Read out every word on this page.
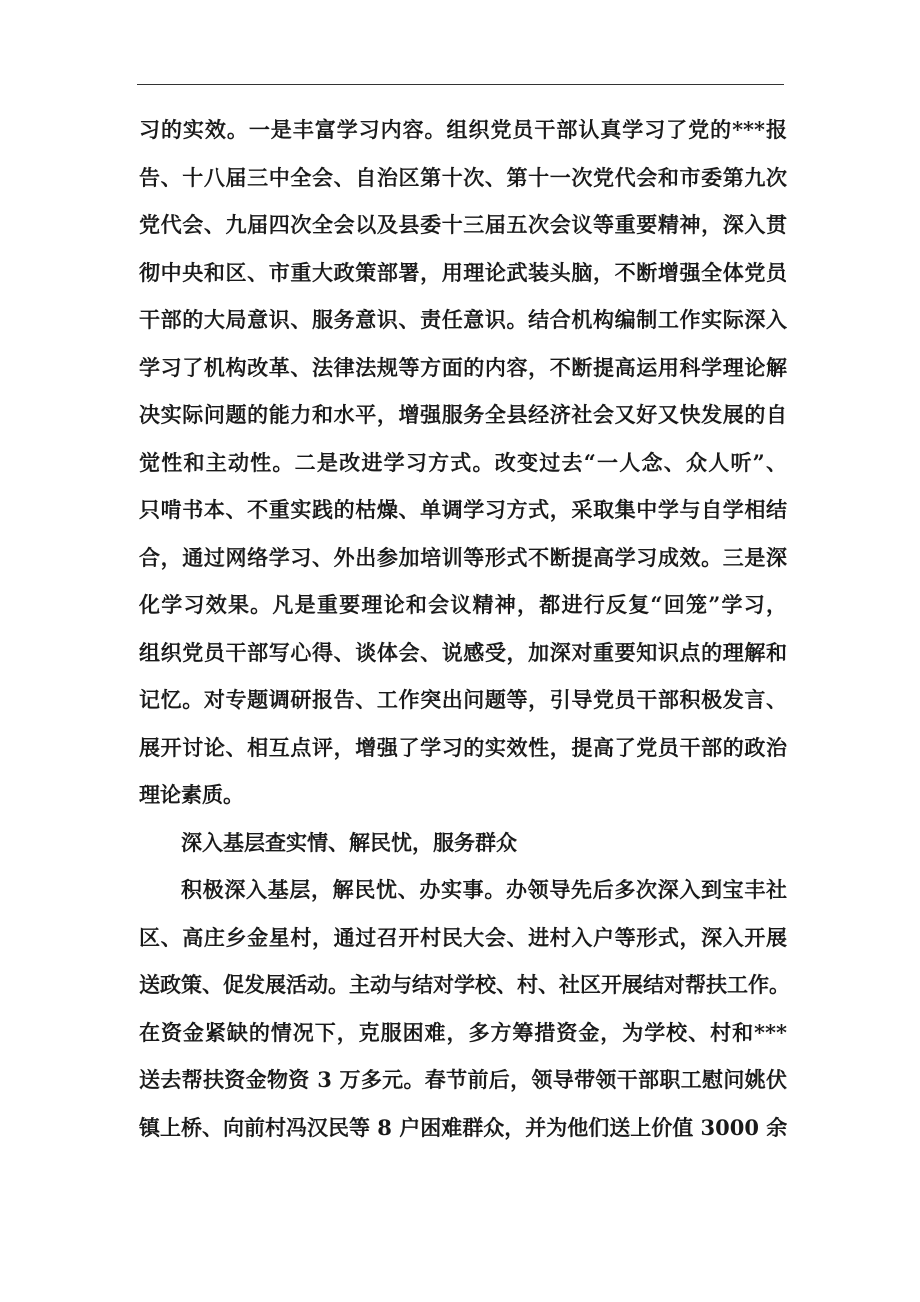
习的实效。一是丰富学习内容。组织党员干部认真学习了党的***报
告、十八届三中全会、自治区第十次、第十一次党代会和市委第九次
党代会、九届四次全会以及县委十三届五次会议等重要精神，深入贯
彻中央和区、市重大政策部署，用理论武装头脑，不断增强全体党员
干部的大局意识、服务意识、责任意识。结合机构编制工作实际深入
学习了机构改革、法律法规等方面的内容，不断提高运用科学理论解
决实际问题的能力和水平，增强服务全县经济社会又好又快发展的自
觉性和主动性。二是改进学习方式。改变过去“一人念、众人听”、
只啃书本、不重实践的枯燥、单调学习方式，采取集中学与自学相结
合，通过网络学习、外出参加培训等形式不断提高学习成效。三是深
化学习效果。凡是重要理论和会议精神，都进行反复“回笼”学习，
组织党员干部写心得、谈体会、说感受，加深对重要知识点的理解和
记忆。对专题调研报告、工作突出问题等，引导党员干部积极发言、
展开讨论、相互点评，增强了学习的实效性，提高了党员干部的政治
理论素质。
深入基层查实情、解民忧，服务群众
积极深入基层，解民忧、办实事。办领导先后多次深入到宝丰社
区、高庄乡金星村，通过召开村民大会、进村入户等形式，深入开展
送政策、促发展活动。主动与结对学校、村、社区开展结对帮扶工作。
在资金紧缺的情况下，克服困难，多方筹措资金，为学校、村和***
送去帮扶资金物资 3 万多元。春节前后，领导带领干部职工慰问姚伏
镇上桥、向前村冯汉民等 8 户困难群众，并为他们送上价值 3000 余
